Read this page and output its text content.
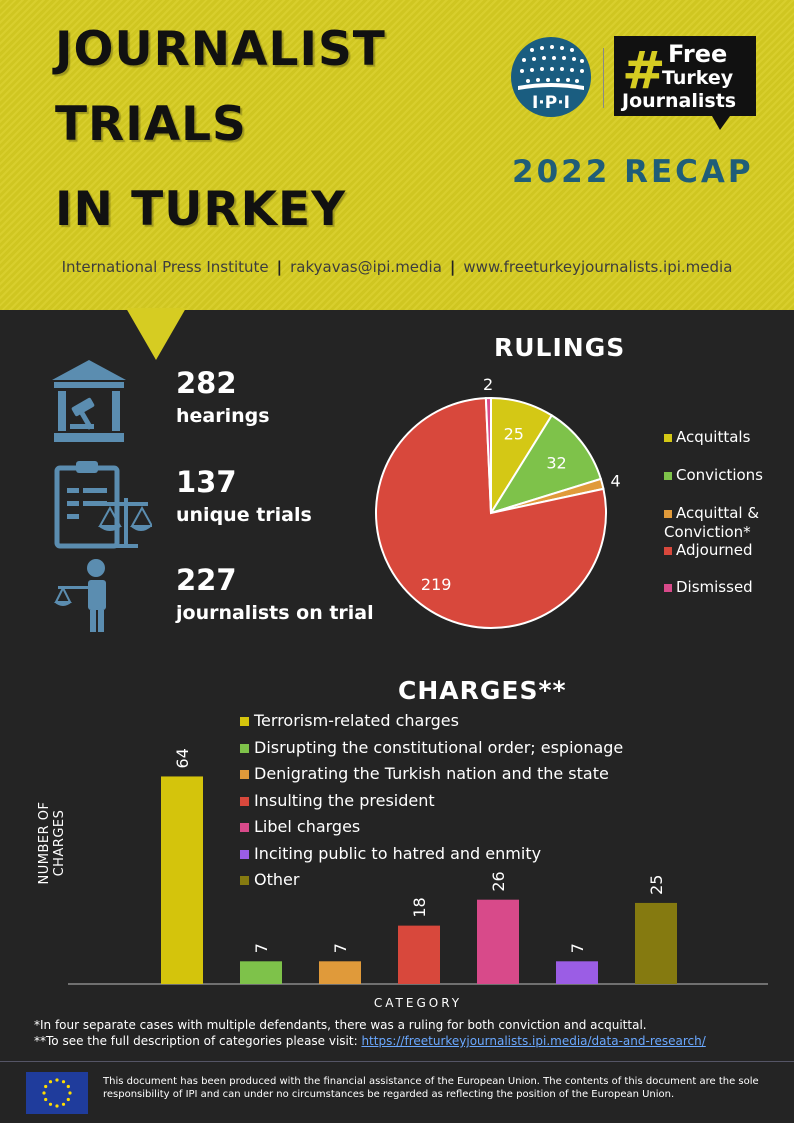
JOURNALIST
TRIALS
IN TURKEY
I·P·I
# Free
Turkey
Journalists
2022 RECAP
International Press Institute | rakyavas@ipi.media | www.freeturkeyjournalists.ipi.media
282
hearings
137
unique trials
227
journalists on trial
RULINGS
25
32
4
219
2
Acquittals
Convictions
Acquittal & Conviction*
Adjourned
Dismissed
CHARGES**
Terrorism-related charges
Disrupting the constitutional order; espionage
Denigrating the Turkish nation and the state
Insulting the president
Libel charges
Inciting public to hatred and enmity
Other
NUMBER OF CHARGES
64
7	7
18
26
7
25
CATEGORY
*In four separate cases with multiple defendants, there was a ruling for both conviction and acquittal.
**To see the full description of categories please visit: https://freeturkeyjournalists.ipi.media/data-and-research/
This document has been produced with the financial assistance of the European Union. The contents of this document are the sole responsibility of IPI and can under no circumstances be regarded as reflecting the position of the European Union.
